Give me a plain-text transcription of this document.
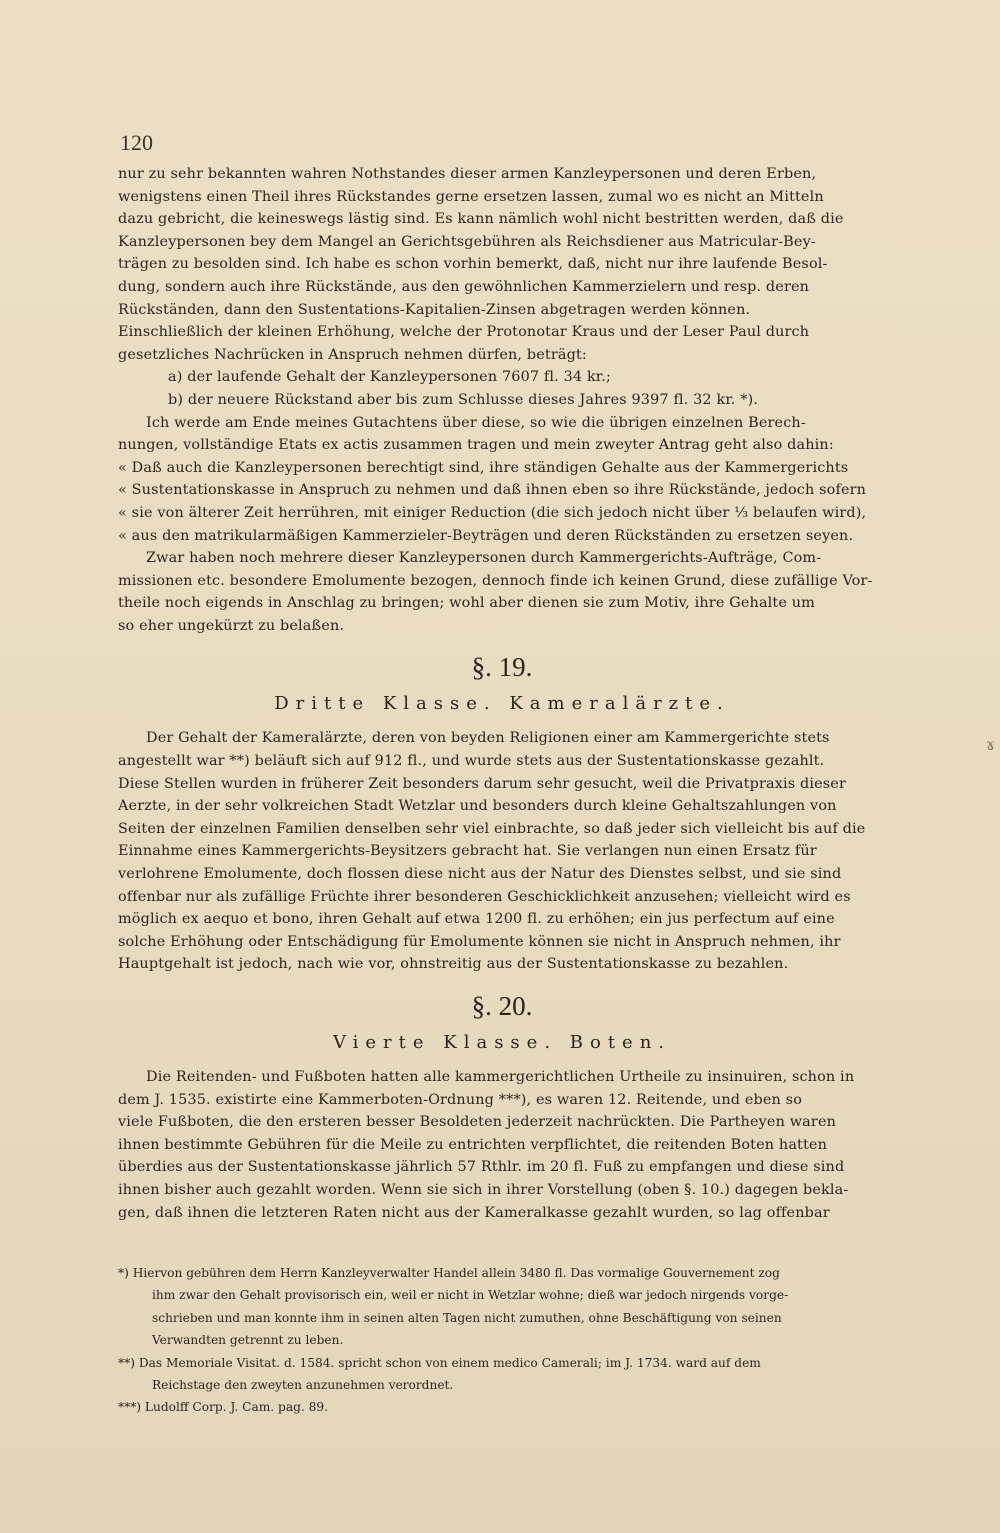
120
ɤ
nur zu sehr bekannten wahren Nothstandes dieser armen Kanzleypersonen und deren Erben,
wenigstens einen Theil ihres Rückstandes gerne ersetzen lassen, zumal wo es nicht an Mitteln
dazu gebricht, die keineswegs lästig sind. Es kann nämlich wohl nicht bestritten werden, daß die
Kanzleypersonen bey dem Mangel an Gerichtsgebühren als Reichsdiener aus Matricular-Bey-
trägen zu besolden sind. Ich habe es schon vorhin bemerkt, daß, nicht nur ihre laufende Besol-
dung, sondern auch ihre Rückstände, aus den gewöhnlichen Kammerzielern und resp. deren
Rückständen, dann den Sustentations-Kapitalien-Zinsen abgetragen werden können.
Einschließlich der kleinen Erhöhung, welche der Protonotar Kraus und der Leser Paul durch
gesetzliches Nachrücken in Anspruch nehmen dürfen, beträgt:
a) der laufende Gehalt der Kanzleypersonen 7607 fl. 34 kr.;
b) der neuere Rückstand aber bis zum Schlusse dieses Jahres 9397 fl. 32 kr. *).
Ich werde am Ende meines Gutachtens über diese, so wie die übrigen einzelnen Berech-
nungen, vollständige Etats ex actis zusammen tragen und mein zweyter Antrag geht also dahin:
« Daß auch die Kanzleypersonen berechtigt sind, ihre ständigen Gehalte aus der Kammergerichts
« Sustentationskasse in Anspruch zu nehmen und daß ihnen eben so ihre Rückstände, jedoch sofern
« sie von älterer Zeit herrühren, mit einiger Reduction (die sich jedoch nicht über ⅓ belaufen wird),
« aus den matrikularmäßigen Kammerzieler-Beyträgen und deren Rückständen zu ersetzen seyen.
Zwar haben noch mehrere dieser Kanzleypersonen durch Kammergerichts-Aufträge, Com-
missionen etc. besondere Emolumente bezogen, dennoch finde ich keinen Grund, diese zufällige Vor-
theile noch eigends in Anschlag zu bringen; wohl aber dienen sie zum Motiv, ihre Gehalte um
so eher ungekürzt zu belaßen.
§. 19.
Dritte Klasse. Kameralärzte.
Der Gehalt der Kameralärzte, deren von beyden Religionen einer am Kammergerichte stets
angestellt war **) beläuft sich auf 912 fl., und wurde stets aus der Sustentationskasse gezahlt.
Diese Stellen wurden in früherer Zeit besonders darum sehr gesucht, weil die Privatpraxis dieser
Aerzte, in der sehr volkreichen Stadt Wetzlar und besonders durch kleine Gehaltszahlungen von
Seiten der einzelnen Familien denselben sehr viel einbrachte, so daß jeder sich vielleicht bis auf die
Einnahme eines Kammergerichts-Beysitzers gebracht hat. Sie verlangen nun einen Ersatz für
verlohrene Emolumente, doch flossen diese nicht aus der Natur des Dienstes selbst, und sie sind
offenbar nur als zufällige Früchte ihrer besonderen Geschicklichkeit anzusehen; vielleicht wird es
möglich ex aequo et bono, ihren Gehalt auf etwa 1200 fl. zu erhöhen; ein jus perfectum auf eine
solche Erhöhung oder Entschädigung für Emolumente können sie nicht in Anspruch nehmen, ihr
Hauptgehalt ist jedoch, nach wie vor, ohnstreitig aus der Sustentationskasse zu bezahlen.
§. 20.
Vierte Klasse. Boten.
Die Reitenden- und Fußboten hatten alle kammergerichtlichen Urtheile zu insinuiren, schon in
dem J. 1535. existirte eine Kammerboten-Ordnung ***), es waren 12. Reitende, und eben so
viele Fußboten, die den ersteren besser Besoldeten jederzeit nachrückten. Die Partheyen waren
ihnen bestimmte Gebühren für die Meile zu entrichten verpflichtet, die reitenden Boten hatten
überdies aus der Sustentationskasse jährlich 57 Rthlr. im 20 fl. Fuß zu empfangen und diese sind
ihnen bisher auch gezahlt worden. Wenn sie sich in ihrer Vorstellung (oben §. 10.) dagegen bekla-
gen, daß ihnen die letzteren Raten nicht aus der Kameralkasse gezahlt wurden, so lag offenbar
*) Hiervon gebühren dem Herrn Kanzleyverwalter Handel allein 3480 fl. Das vormalige Gouvernement zog
ihm zwar den Gehalt provisorisch ein, weil er nicht in Wetzlar wohne; dieß war jedoch nirgends vorge-
schrieben und man konnte ihm in seinen alten Tagen nicht zumuthen, ohne Beschäftigung von seinen
Verwandten getrennt zu leben.
**) Das Memoriale Visitat. d. 1584. spricht schon von einem medico Camerali; im J. 1734. ward auf dem
Reichstage den zweyten anzunehmen verordnet.
***) Ludolff Corp. J. Cam. pag. 89.
